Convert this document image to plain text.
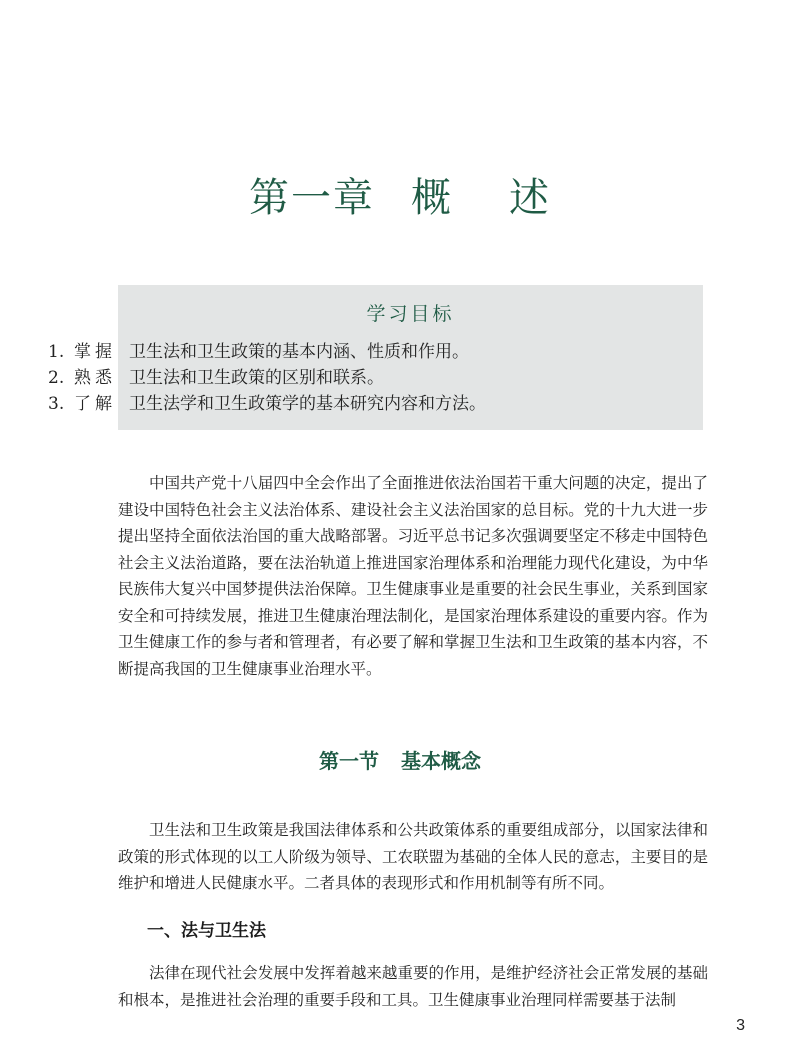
第一章 概 述
学习目标
1. 掌握 卫生法和卫生政策的基本内涵、性质和作用。
2. 熟悉 卫生法和卫生政策的区别和联系。
3. 了解 卫生法学和卫生政策学的基本研究内容和方法。

中国共产党十八届四中全会作出了全面推进依法治国若干重大问题的决定，提出了建设中国特色社会主义法治体系、建设社会主义法治国家的总目标。党的十九大进一步提出坚持全面依法治国的重大战略部署。习近平总书记多次强调要坚定不移走中国特色社会主义法治道路，要在法治轨道上推进国家治理体系和治理能力现代化建设，为中华民族伟大复兴中国梦提供法治保障。卫生健康事业是重要的社会民生事业，关系到国家安全和可持续发展，推进卫生健康治理法制化，是国家治理体系建设的重要内容。作为卫生健康工作的参与者和管理者，有必要了解和掌握卫生法和卫生政策的基本内容，不断提高我国的卫生健康事业治理水平。

第一节 基本概念

卫生法和卫生政策是我国法律体系和公共政策体系的重要组成部分，以国家法律和政策的形式体现的以工人阶级为领导、工农联盟为基础的全体人民的意志，主要目的是维护和增进人民健康水平。二者具体的表现形式和作用机制等有所不同。

一、法与卫生法

法律在现代社会发展中发挥着越来越重要的作用，是维护经济社会正常发展的基础和根本，是推进社会治理的重要手段和工具。卫生健康事业治理同样需要基于法制

3
